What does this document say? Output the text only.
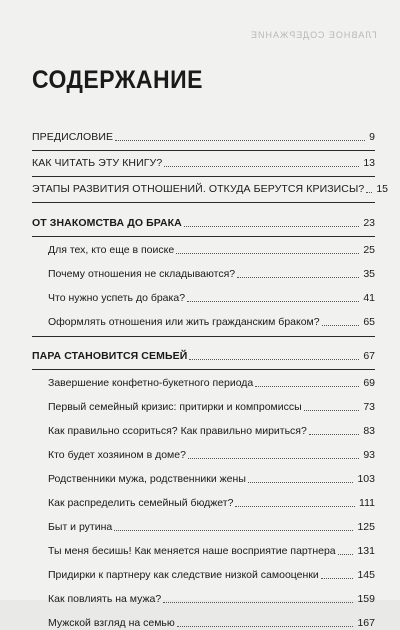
ГЛАВНОЕ СОДЕРЖАНИЕ
СОДЕРЖАНИЕ
ПРЕДИСЛОВИЕ	9
КАК ЧИТАТЬ ЭТУ КНИГУ?	13
ЭТАПЫ РАЗВИТИЯ ОТНОШЕНИЙ. ОТКУДА БЕРУТСЯ КРИЗИСЫ? 15
ОТ ЗНАКОМСТВА ДО БРАКА	23
Для тех, кто еще в поиске	25
Почему отношения не складываются?	35
Что нужно успеть до брака?	41
Оформлять отношения или жить гражданским браком?	65
ПАРА СТАНОВИТСЯ СЕМЬЕЙ	67
Завершение конфетно-букетного периода	69
Первый семейный кризис: притирки и компромиссы	73
Как правильно ссориться? Как правильно мириться?	83
Кто будет хозяином в доме?	93
Родственники мужа, родственники жены	103
Как распределить семейный бюджет?	111
Быт и рутина	125
Ты меня бесишь! Как меняется наше восприятие партнера 131
Придирки к партнеру как следствие низкой самооценки	145
Как повлиять на мужа?	159
Мужской взгляд на семью	167
